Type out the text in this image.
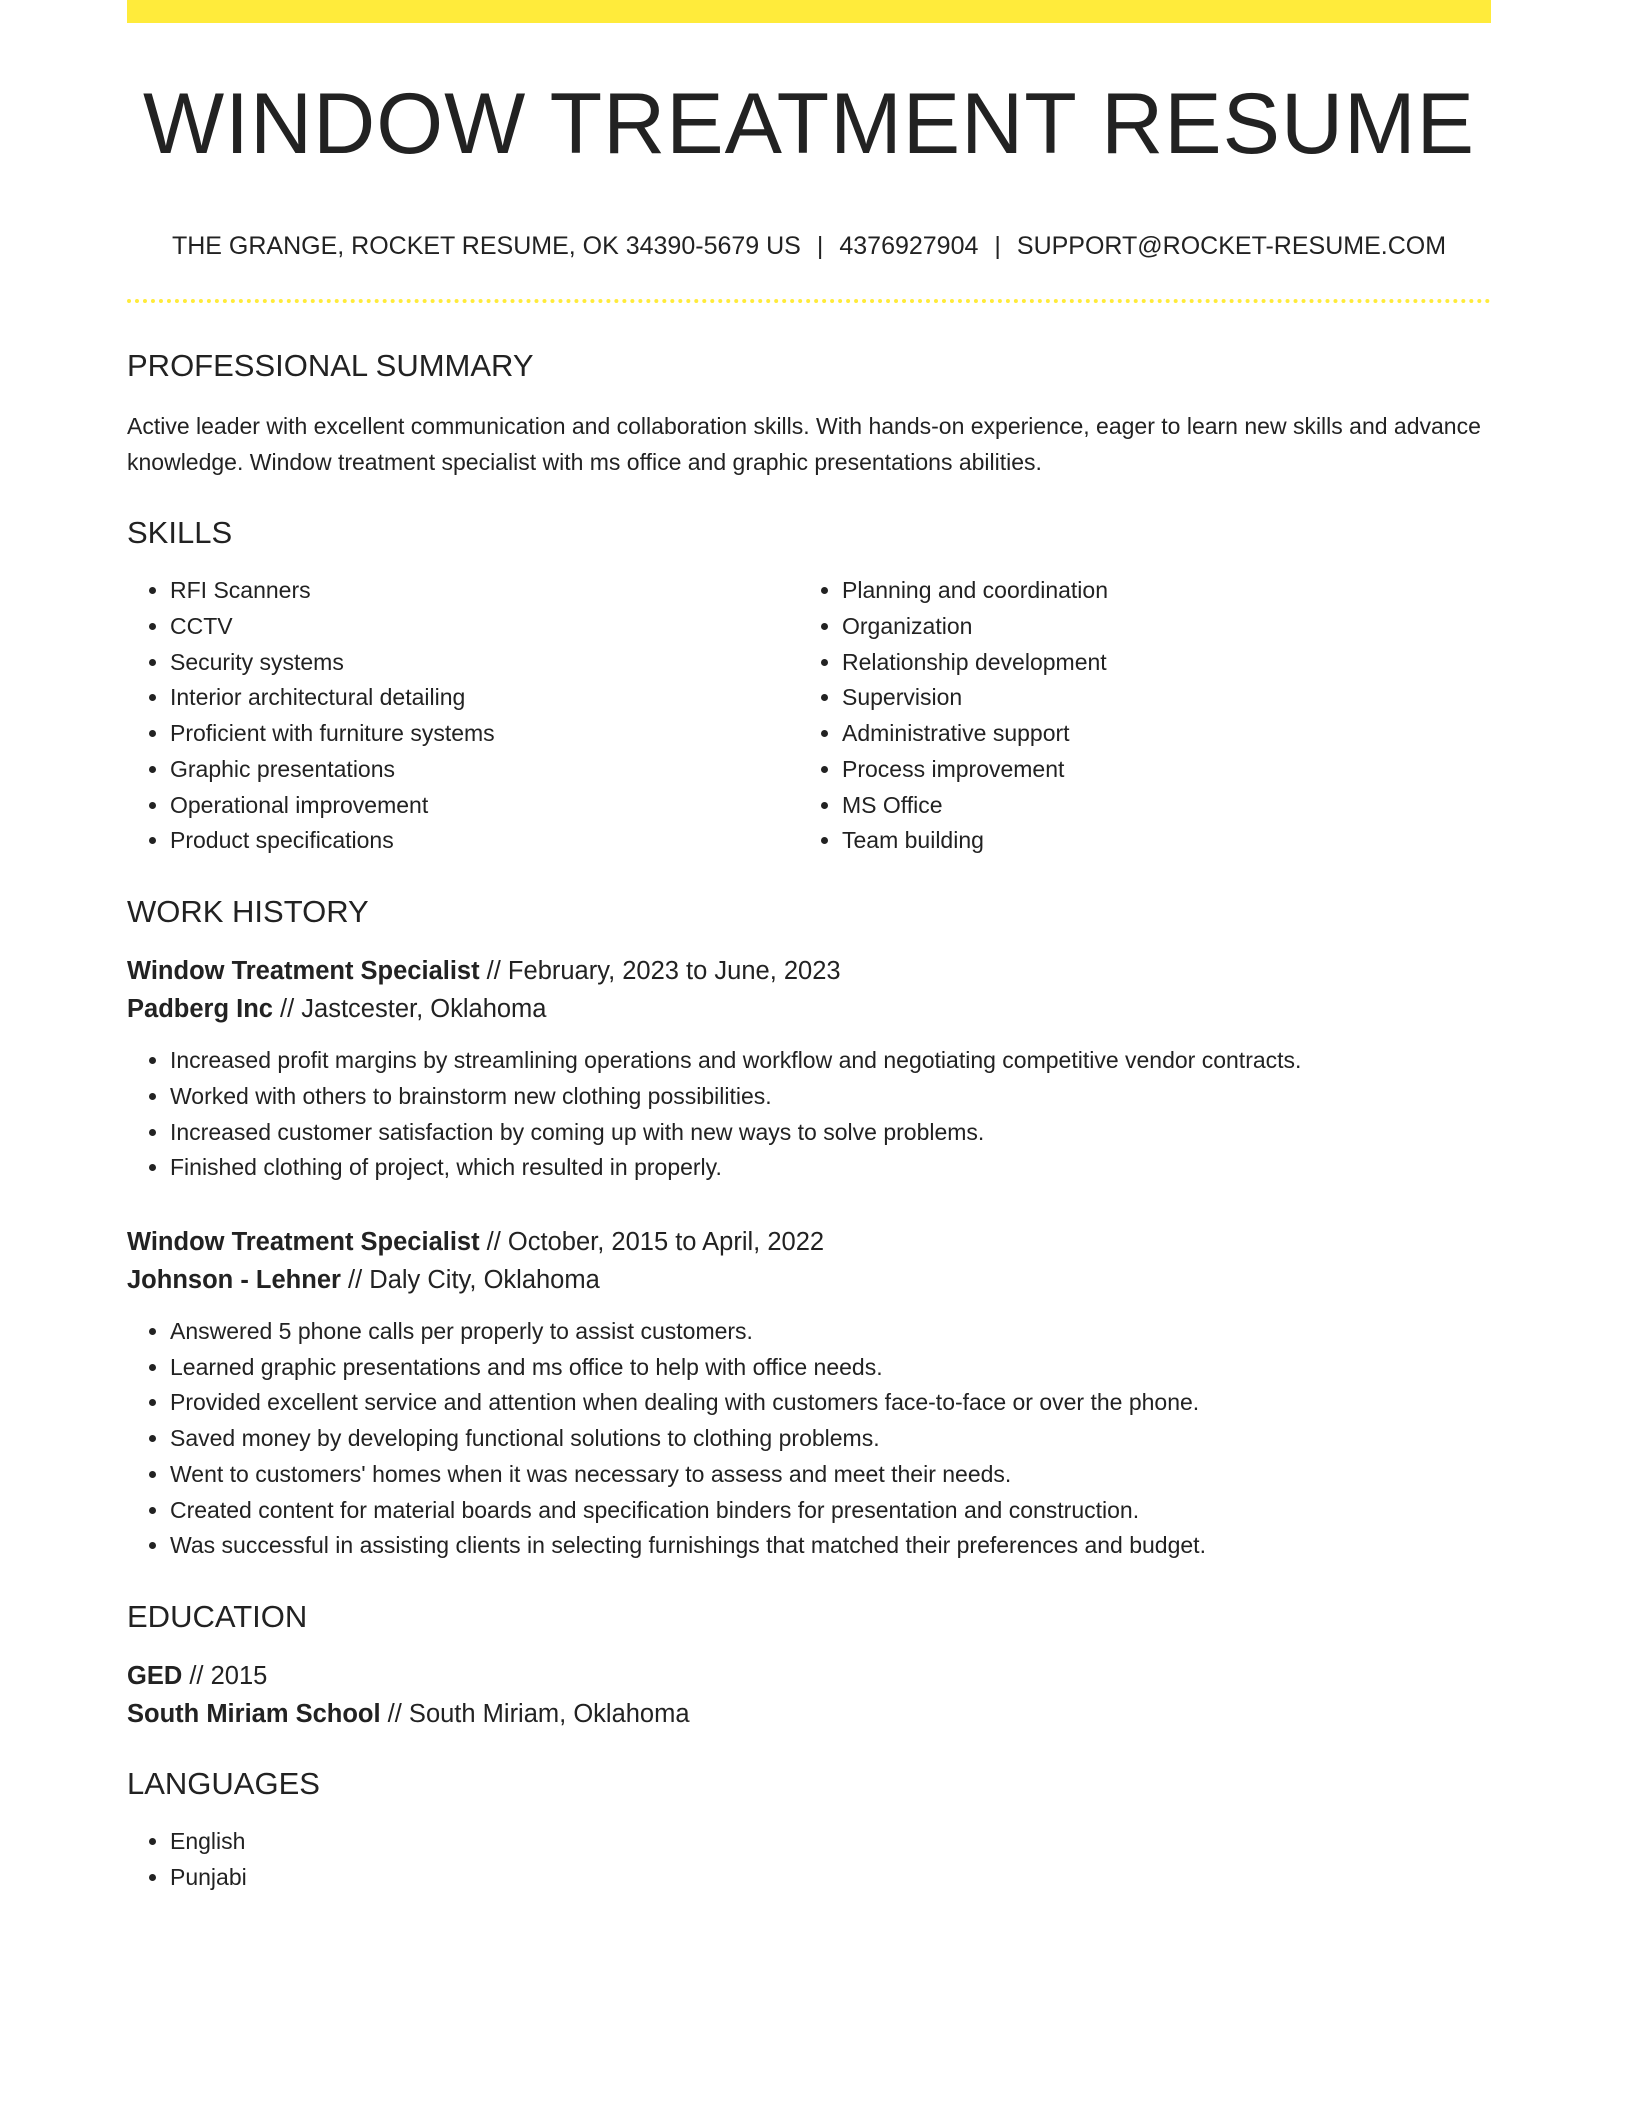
WINDOW TREATMENT RESUME
THE GRANGE, ROCKET RESUME, OK 34390-5679 US | 4376927904 | SUPPORT@ROCKET-RESUME.COM
PROFESSIONAL SUMMARY

Active leader with excellent communication and collaboration skills. With hands-on experience, eager to learn new skills and advance knowledge. Window treatment specialist with ms office and graphic presentations abilities.

SKILLS
• RFI Scanners
• CCTV
• Security systems
• Interior architectural detailing
• Proficient with furniture systems
• Graphic presentations
• Operational improvement
• Product specifications
• Planning and coordination
• Organization
• Relationship development
• Supervision
• Administrative support
• Process improvement
• MS Office
• Team building
WORK HISTORY
Window Treatment Specialist // February, 2023 to June, 2023
Padberg Inc // Jastcester, Oklahoma
• Increased profit margins by streamlining operations and workflow and negotiating competitive vendor contracts.
• Worked with others to brainstorm new clothing possibilities.
• Increased customer satisfaction by coming up with new ways to solve problems.
• Finished clothing of project, which resulted in properly.
Window Treatment Specialist // October, 2015 to April, 2022
Johnson - Lehner // Daly City, Oklahoma
• Answered 5 phone calls per properly to assist customers.
• Learned graphic presentations and ms office to help with office needs.
• Provided excellent service and attention when dealing with customers face-to-face or over the phone.
• Saved money by developing functional solutions to clothing problems.
• Went to customers' homes when it was necessary to assess and meet their needs.
• Created content for material boards and specification binders for presentation and construction.
• Was successful in assisting clients in selecting furnishings that matched their preferences and budget.
EDUCATION
GED // 2015
South Miriam School // South Miriam, Oklahoma
LANGUAGES
• English
• Punjabi
